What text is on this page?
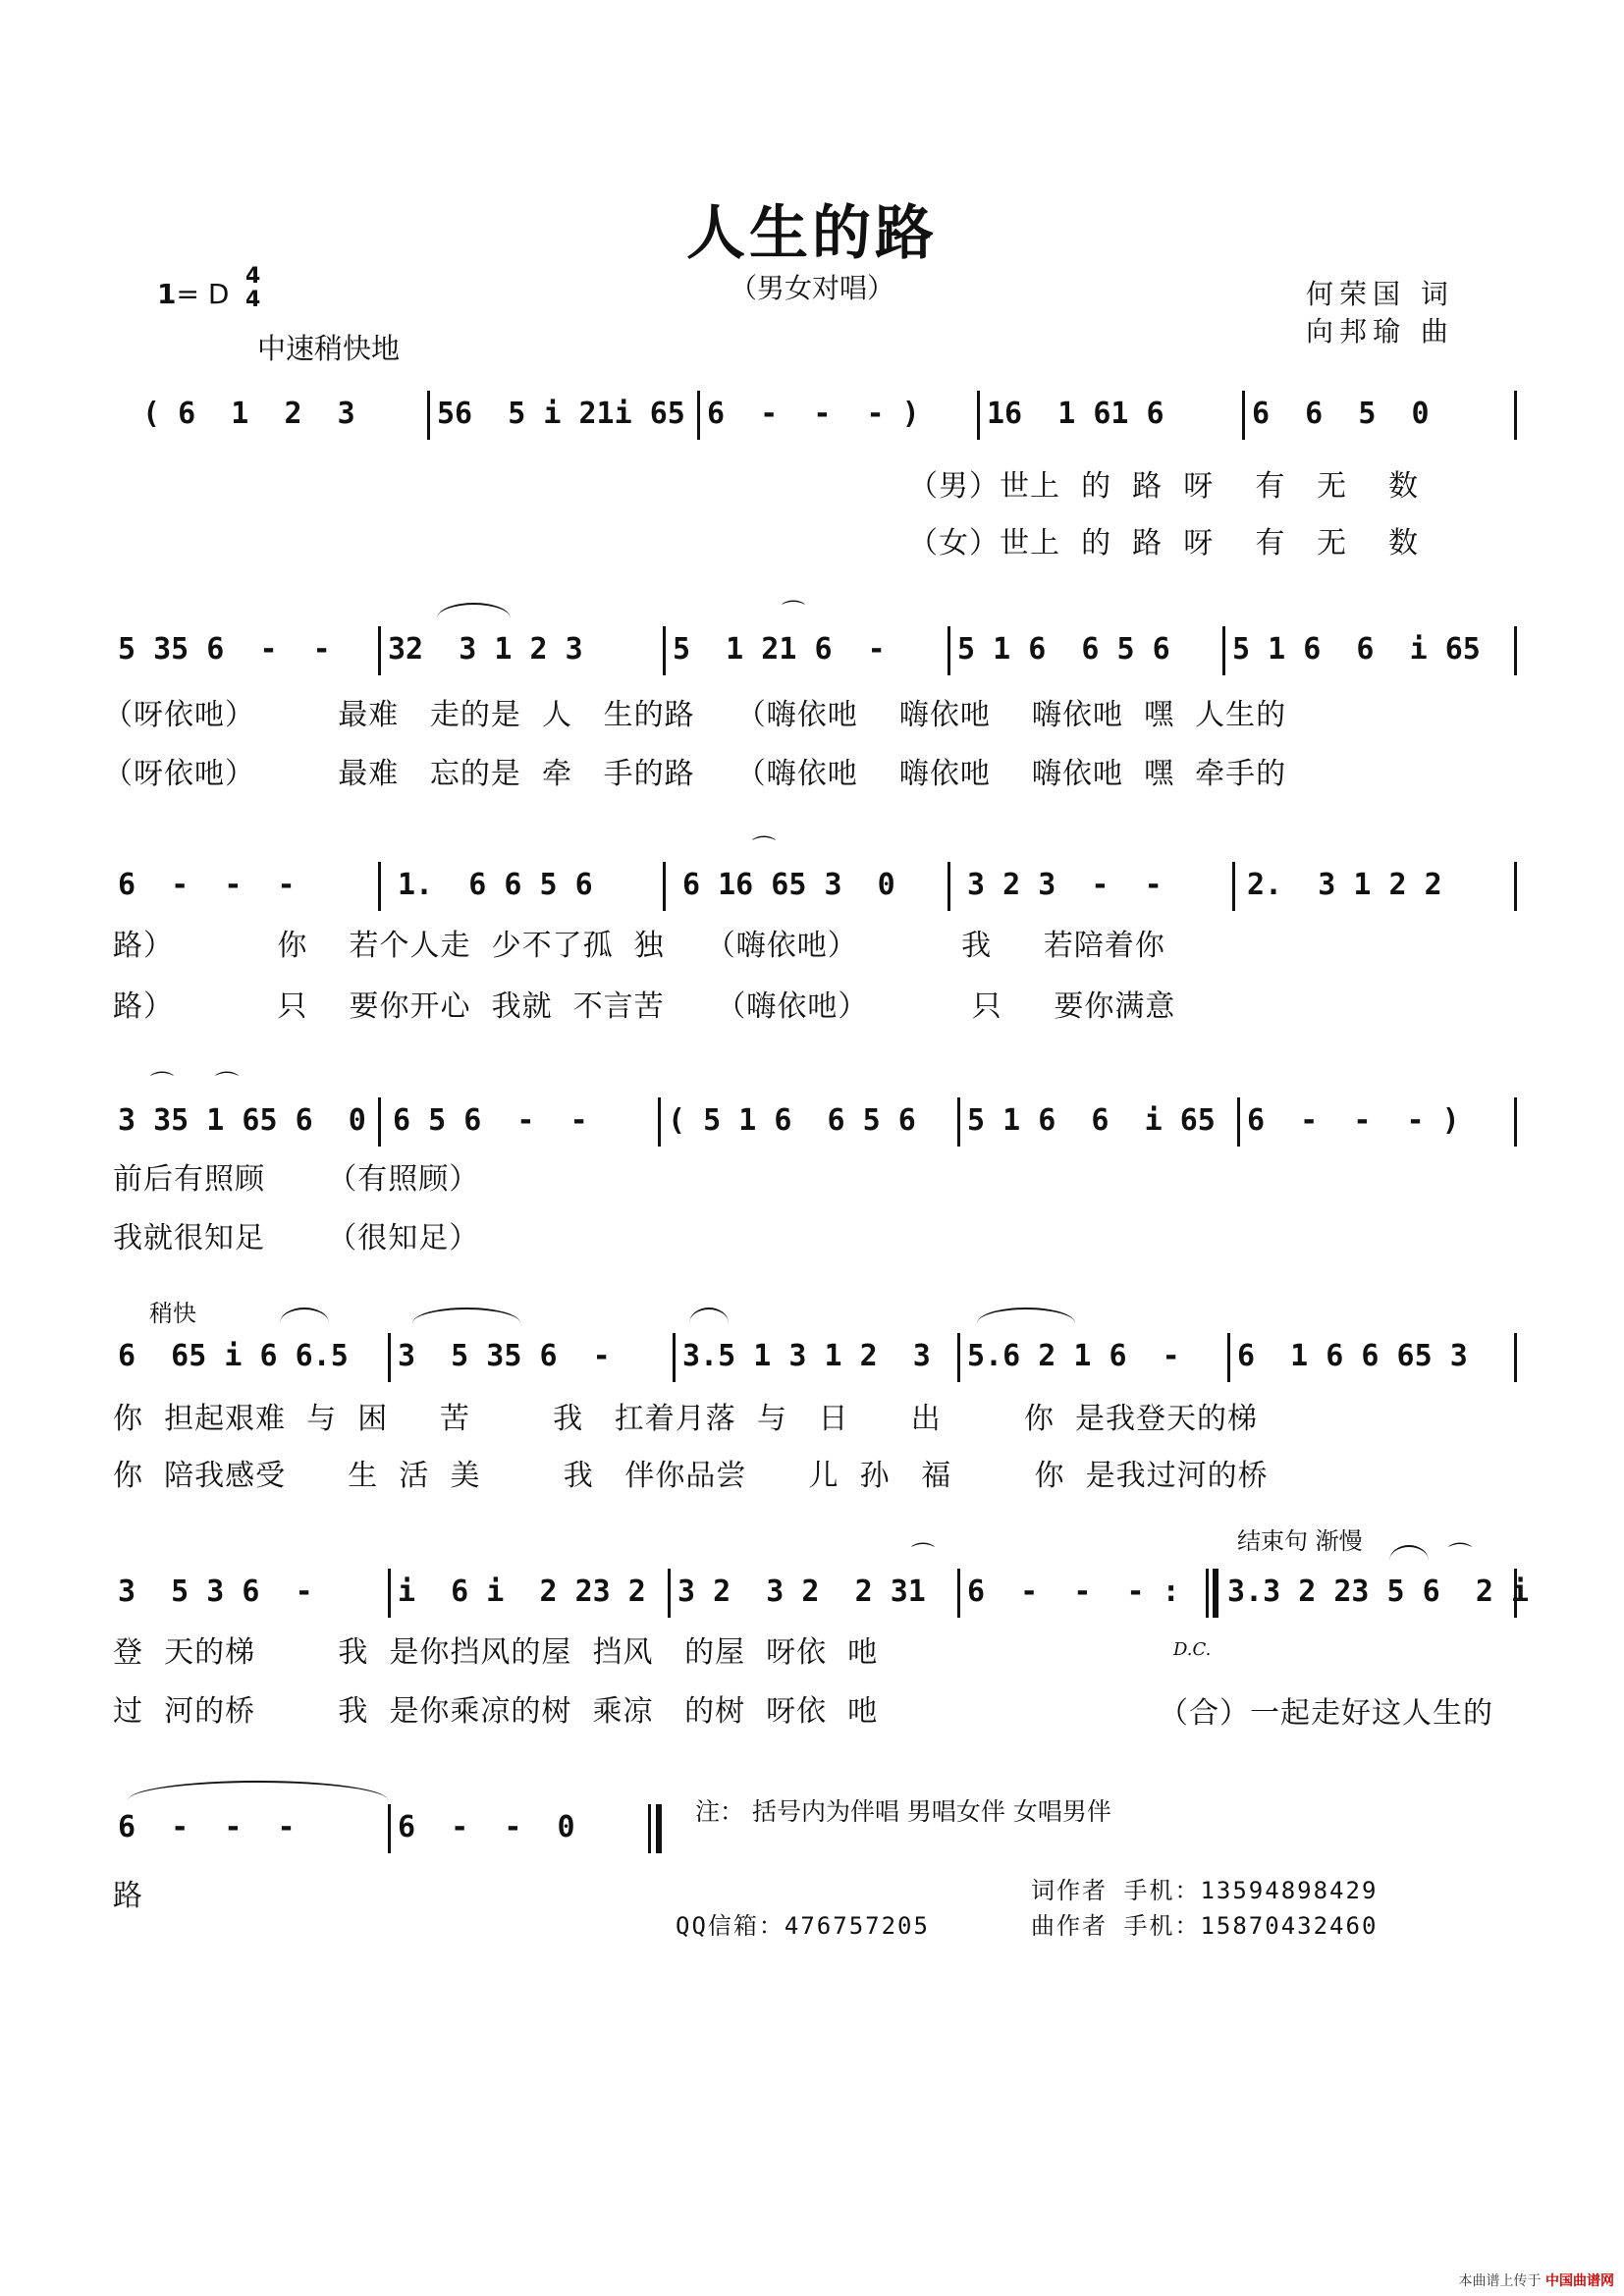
人生的路
（男女对唱）
1= D
4
4
中速稍快地
何荣国 词
向邦瑜 曲
( 6  1  2  3 56  5 i 21i 65 6  -  -  - ) 16  1 61 6 6  6  5  0
（男）世上  的  路  呀    有   无    数
（女）世上  的  路  呀    有   无    数
⌒
5 35 6  -  - 32  3 1 2 3 5  1 21 6  - 5 1 6  6 5 6 5 1 6  6  i 65
（呀依吔）        最难   走的是  人   生的路    （嗨依吔    嗨依吔    嗨依吔  嘿  人生的
（呀依吔）        最难   忘的是  牵   手的路    （嗨依吔    嗨依吔    嗨依吔  嘿  牵手的
⌒
6  -  -  -	1.  6 6 5 6 6 16 65 3  0 3 2 3  -  - 2.  3 1 2 2
路）          你    若个人走  少不了孤  独    （嗨依吔）          我     若陪着你
路）          只    要你开心  我就  不言苦     （嗨依吔）          只     要你满意
⌒ ⌒
3 35 1 65 6  0 6 5 6  -  - ( 5 1 6  6 5 6 5 1 6  6  i 65 6  -  -  - )
前后有照顾      （有照顾）
我就很知足      （很知足）
稍快
6  65 i 6 6.5 3  5 35 6  - 3.5 1 3 1 2  3 5.6 2 1 6  - 6  1 6 6 65 3
你  担起艰难  与  困     苦        我   扛着月落  与   日      出        你  是我登天的梯
你  陪我感受      生  活  美        我   伴你品尝      儿  孙   福        你  是我过河的桥
结束句 渐慢
⌒	⌒
3  5 3 6  - i  6 i  2 23 2 3 2  3 2  2 31 6  -  -  - : 3.3 2 23 5 6  2 i
登  天的梯        我  是你挡风的屋  挡风   的屋  呀依  吔
过  河的桥        我  是你乘凉的树  乘凉   的树  呀依  吔
D.C.
（合）一起走好这人生的
6  -  -  -	6  -  -  0
路
注： 括号内为伴唱 男唱女伴 女唱男伴
词作者 手机：13594898429
QQ信箱：476757205	曲作者 手机：15870432460
本曲谱上传于 中国曲谱网
